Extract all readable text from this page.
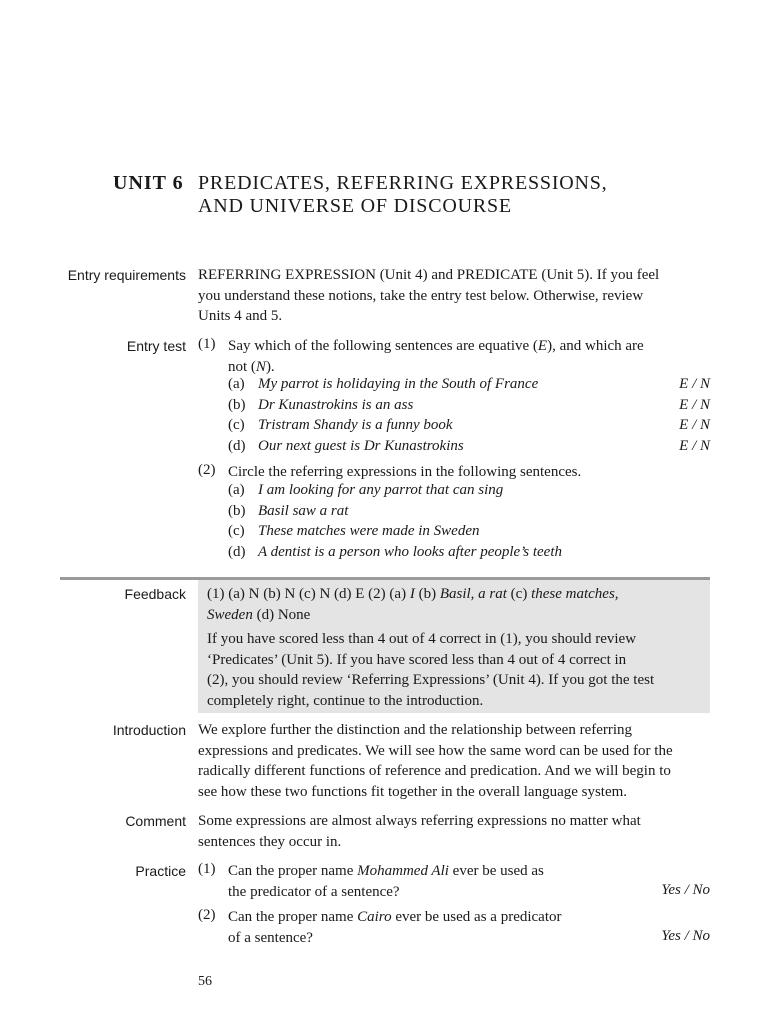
UNIT 6 PREDICATES, REFERRING EXPRESSIONS,
AND UNIVERSE OF DISCOURSE
Entry requirements REFERRING EXPRESSION (Unit 4) and PREDICATE (Unit 5). If you feel
you understand these notions, take the entry test below. Otherwise, review
Units 4 and 5.
Entry test (1) Say which of the following sentences are equative (E), and which are
not (N).
(a) My parrot is holidaying in the South of France	E / N
(b) Dr Kunastrokins is an ass	E / N
(c) Tristram Shandy is a funny book	E / N
(d) Our next guest is Dr Kunastrokins	E / N
(2) Circle the referring expressions in the following sentences.
(a) I am looking for any parrot that can sing
(b) Basil saw a rat
(c) These matches were made in Sweden
(d) A dentist is a person who looks after people’s teeth
Feedback (1) (a) N (b) N (c) N (d) E (2) (a) I (b) Basil, a rat (c) these matches,
Sweden (d) None
If you have scored less than 4 out of 4 correct in (1), you should review
‘Predicates’ (Unit 5). If you have scored less than 4 out of 4 correct in
(2), you should review ‘Referring Expressions’ (Unit 4). If you got the test
completely right, continue to the introduction.
Introduction We explore further the distinction and the relationship between referring
expressions and predicates. We will see how the same word can be used for the
radically different functions of reference and predication. And we will begin to
see how these two functions fit together in the overall language system.
Comment Some expressions are almost always referring expressions no matter what
sentences they occur in.
Practice (1) Can the proper name Mohammed Ali ever be used as
the predicator of a sentence?	Yes / No
(2) Can the proper name Cairo ever be used as a predicator
of a sentence?	Yes / No
56
